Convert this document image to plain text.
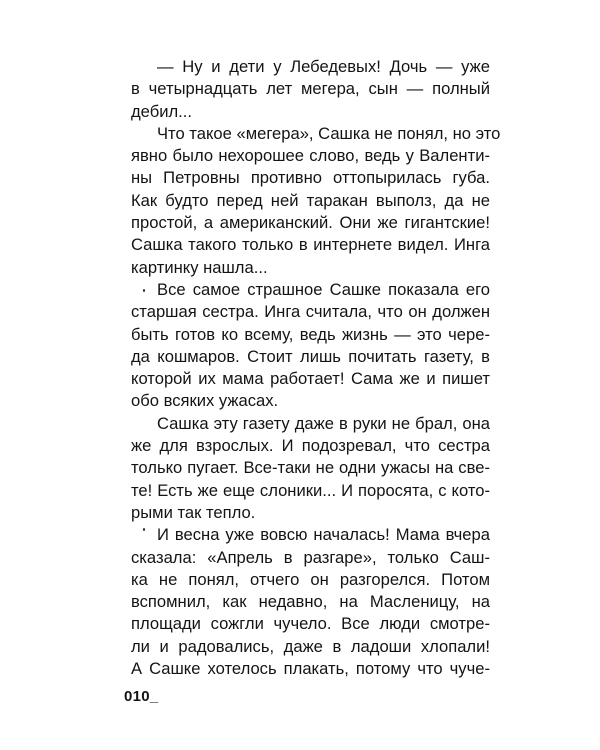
— Ну и дети у Лебедевых! Дочь — уже
в четырнадцать лет мегера, сын — полный
дебил...
Что такое «мегера», Сашка не понял, но это
явно было нехорошее слово, ведь у Валенти-
ны Петровны противно оттопырилась губа.
Как будто перед ней таракан выполз, да не
простой, а американский. Они же гигантские!
Сашка такого только в интернете видел. Инга
картинку нашла...
Все самое страшное Сашке показала его
старшая сестра. Инга считала, что он должен
быть готов ко всему, ведь жизнь — это чере-
да кошмаров. Стоит лишь почитать газету, в
которой их мама работает! Сама же и пишет
обо всяких ужасах.
Сашка эту газету даже в руки не брал, она
же для взрослых. И подозревал, что сестра
только пугает. Все-таки не одни ужасы на све-
те! Есть же еще слоники... И поросята, с кото-
рыми так тепло.
И весна уже вовсю началась! Мама вчера
сказала: «Апрель в разгаре», только Саш-
ка не понял, отчего он разгорелся. Потом
вспомнил, как недавно, на Масленицу, на
площади сожгли чучело. Все люди смотре-
ли и радовались, даже в ладоши хлопали!
А Сашке хотелось плакать, потому что чуче-
010_
